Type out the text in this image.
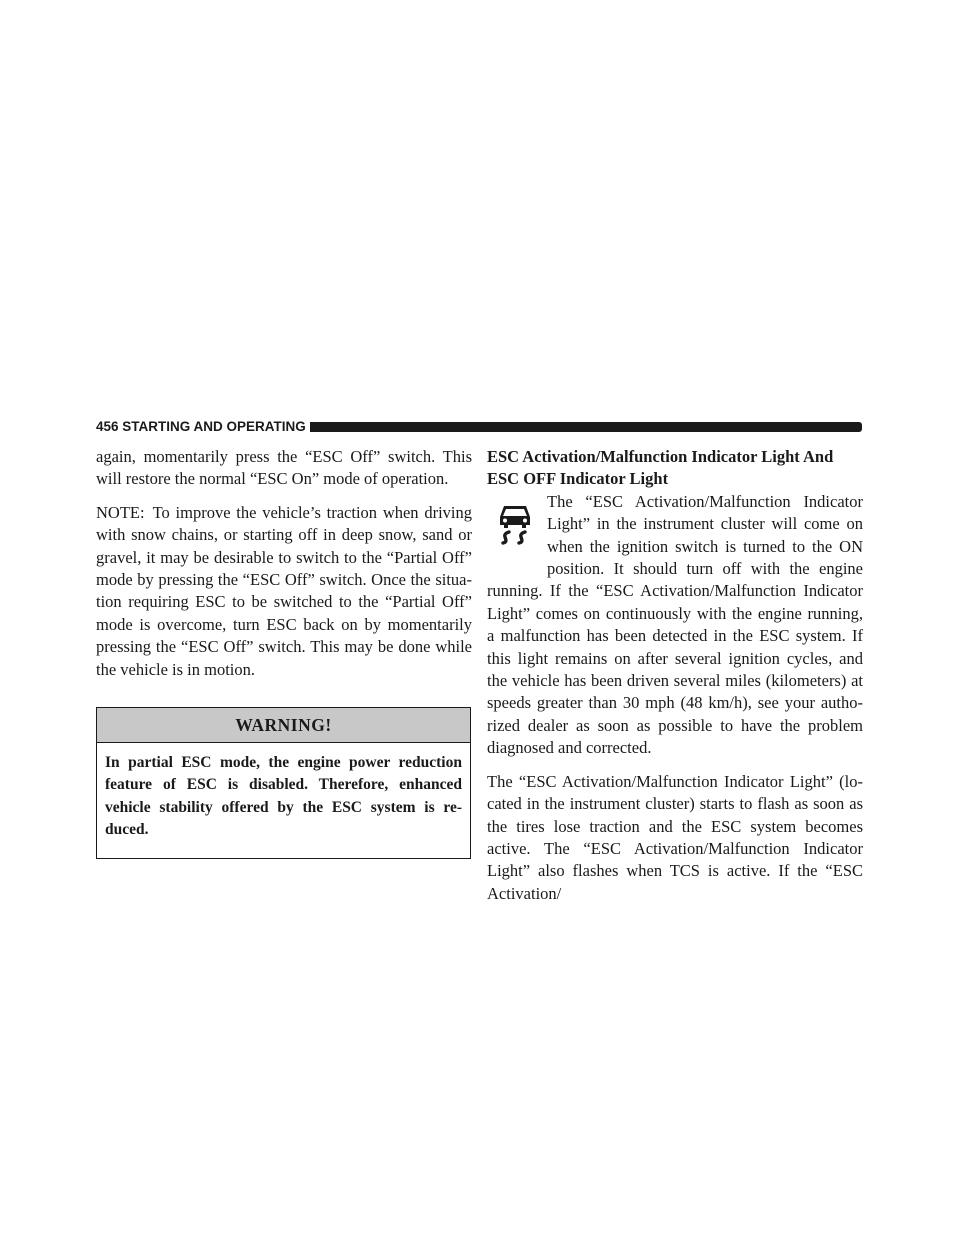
456 STARTING AND OPERATING

again, momentarily press the “ESC Off” switch. This will restore the normal “ESC On” mode of operation.

NOTE: To improve the vehicle’s traction when driving with snow chains, or starting off in deep snow, sand or gravel, it may be desirable to switch to the “Partial Off” mode by pressing the “ESC Off” switch. Once the situa-tion requiring ESC to be switched to the “Partial Off” mode is overcome, turn ESC back on by momentarily pressing the “ESC Off” switch. This may be done while the vehicle is in motion.

WARNING!
In partial ESC mode, the engine power reduction feature of ESC is disabled. Therefore, enhanced vehicle stability offered by the ESC system is re-duced.
ESC Activation/Malfunction Indicator Light And
ESC OFF Indicator Light

The “ESC Activation/Malfunction Indicator Light” in the instrument cluster will come on when the ignition switch is turned to the ON position. It should turn off with the engine running. If the “ESC Activation/Malfunction Indicator Light” comes on continuously with the engine running, a malfunction has been detected in the ESC system. If this light remains on after several ignition cycles, and the vehicle has been driven several miles (kilometers) at speeds greater than 30 mph (48 km/h), see your autho-rized dealer as soon as possible to have the problem diagnosed and corrected.

The “ESC Activation/Malfunction Indicator Light” (lo-cated in the instrument cluster) starts to flash as soon as the tires lose traction and the ESC system becomes active. The “ESC Activation/Malfunction Indicator Light” also flashes when TCS is active. If the “ESC Activation/
